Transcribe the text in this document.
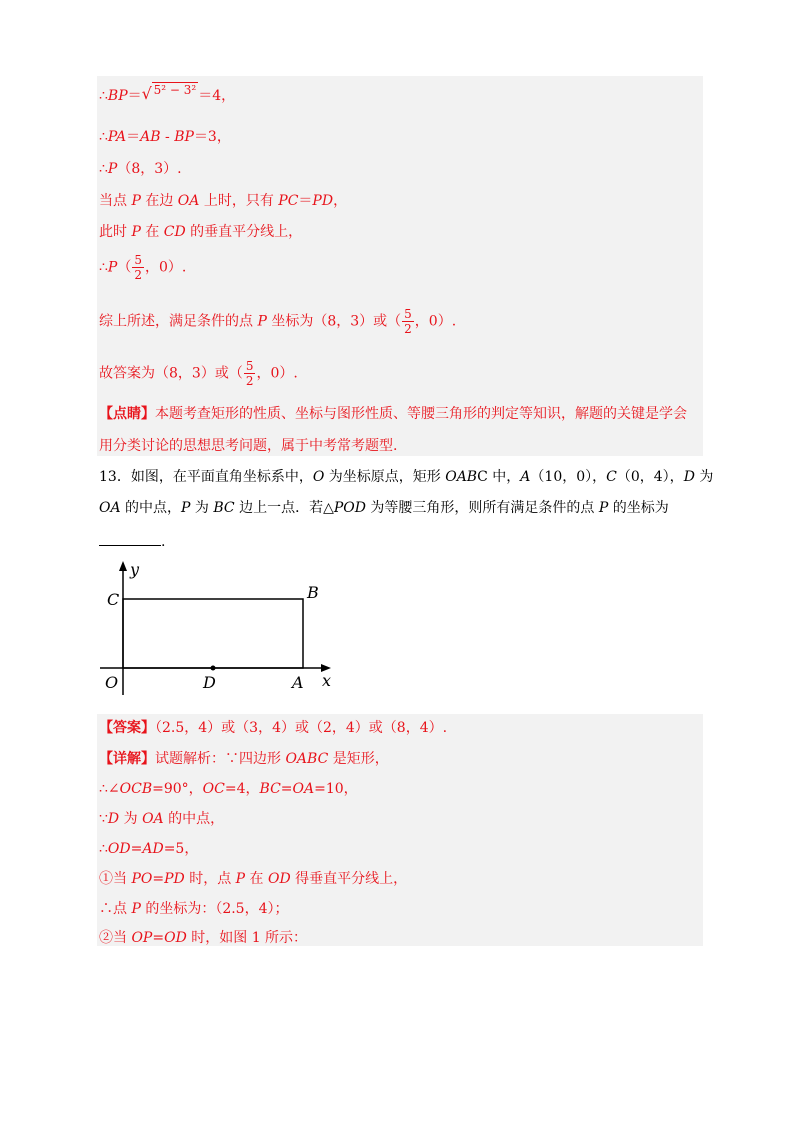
∴BP＝ √ 5² − 3² ＝4，
∴PA＝AB - BP＝3，
∴P（8，3）.
当点 P 在边 OA 上时，只有 PC＝PD，
此时 P 在 CD 的垂直平分线上，
∴P（ $\frac{5}{2}$ ，0）.
综上所述，满足条件的点 P 坐标为（8，3）或（ $\frac{5}{2}$ ，0）.
故答案为（8，3）或（ $\frac{5}{2}$ ，0）.
【点睛】本题考查矩形的性质、坐标与图形性质、等腰三角形的判定等知识，解题的关键是学会
用分类讨论的思想思考问题，属于中考常考题型.
13．如图，在平面直角坐标系中，O 为坐标原点，矩形 OABC 中，A（10，0），C（0，4），D 为
OA 的中点，P 为 BC 边上一点．若△POD 为等腰三角形，则所有满足条件的点 P 的坐标为
.
y
x
C	B
O	D	A
【答案】（2.5，4）或（3，4）或（2，4）或（8，4）.
【详解】试题解析：∵四边形 OABC 是矩形，
∴∠OCB=90°，OC=4，BC=OA=10，
∵D 为 OA 的中点，
∴OD=AD=5，
①当 PO=PD 时，点 P 在 OD 得垂直平分线上，
∴点 P 的坐标为：（2.5，4）；
②当 OP=OD 时，如图 1 所示：
